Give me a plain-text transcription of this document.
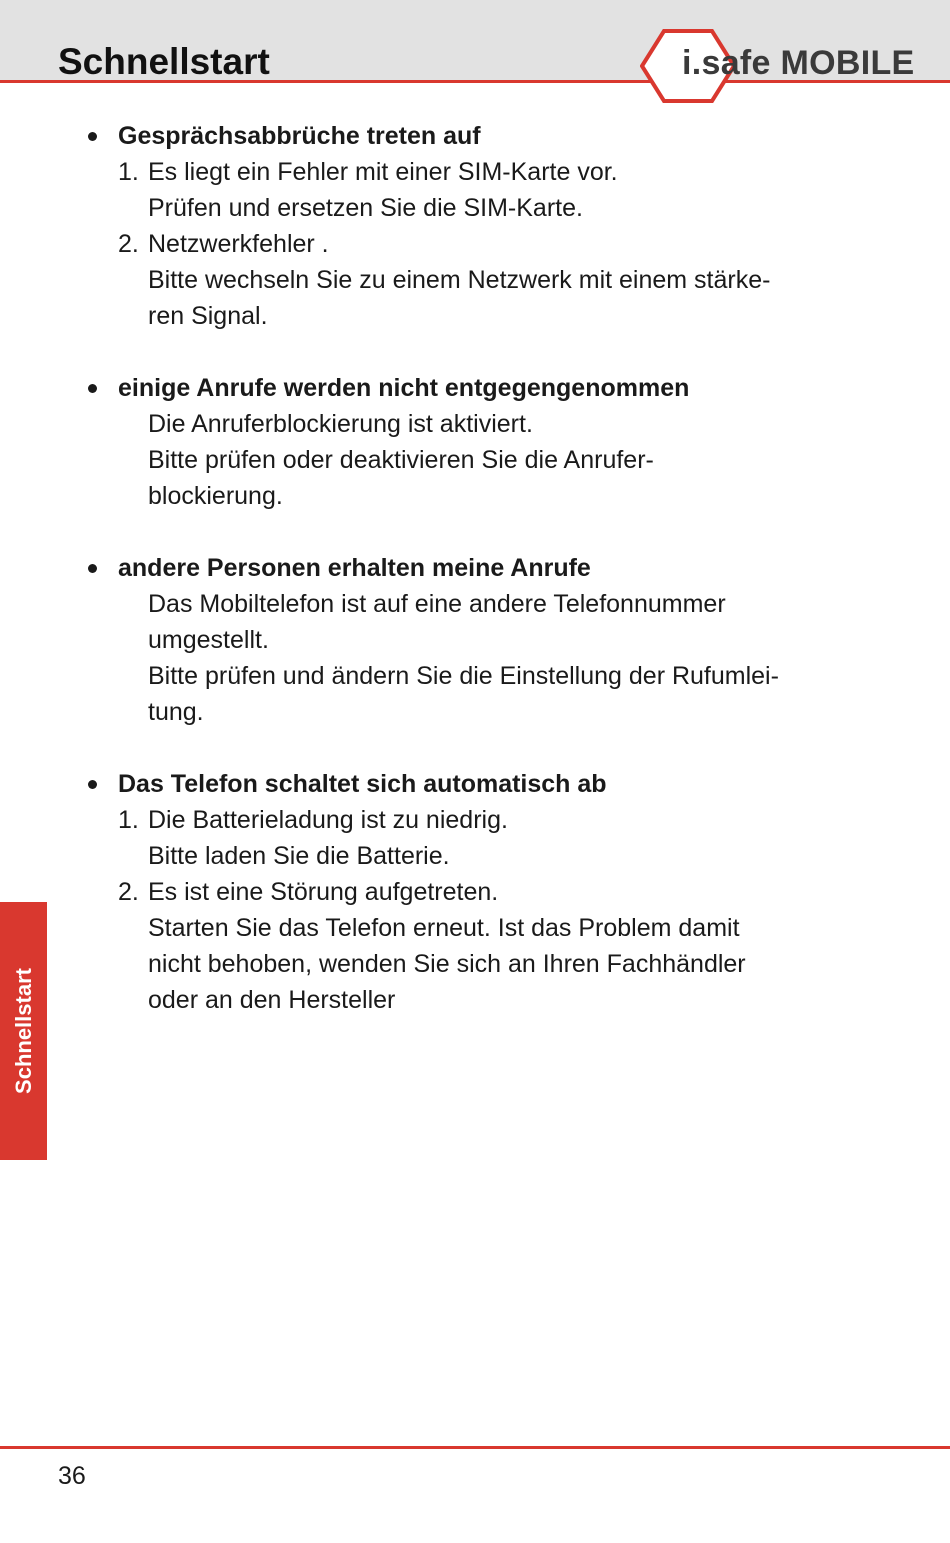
Schnellstart	i.safe MOBILE

Gesprächsabbrüche treten auf

1. Es liegt ein Fehler mit einer SIM-Karte vor.
Prüfen und ersetzen Sie die SIM-Karte.
2. Netzwerkfehler .
Bitte wechseln Sie zu einem Netzwerk mit einem stärke-
ren Signal.

einige Anrufe werden nicht entgegengenommen

Die Anruferblockierung ist aktiviert.
Bitte prüfen oder deaktivieren Sie die Anrufer-
blockierung.

andere Personen erhalten meine Anrufe

Das Mobiltelefon ist auf eine andere Telefonnummer
umgestellt.
Bitte prüfen und ändern Sie die Einstellung der Rufumlei-
tung.

Das Telefon schaltet sich automatisch ab

1. Die Batterieladung ist zu niedrig.
Bitte laden Sie die Batterie.
2. Es ist eine Störung aufgetreten.
Starten Sie das Telefon erneut. Ist das Problem damit
nicht behoben, wenden Sie sich an Ihren Fachhändler
oder an den Hersteller
Schnellstart
36
